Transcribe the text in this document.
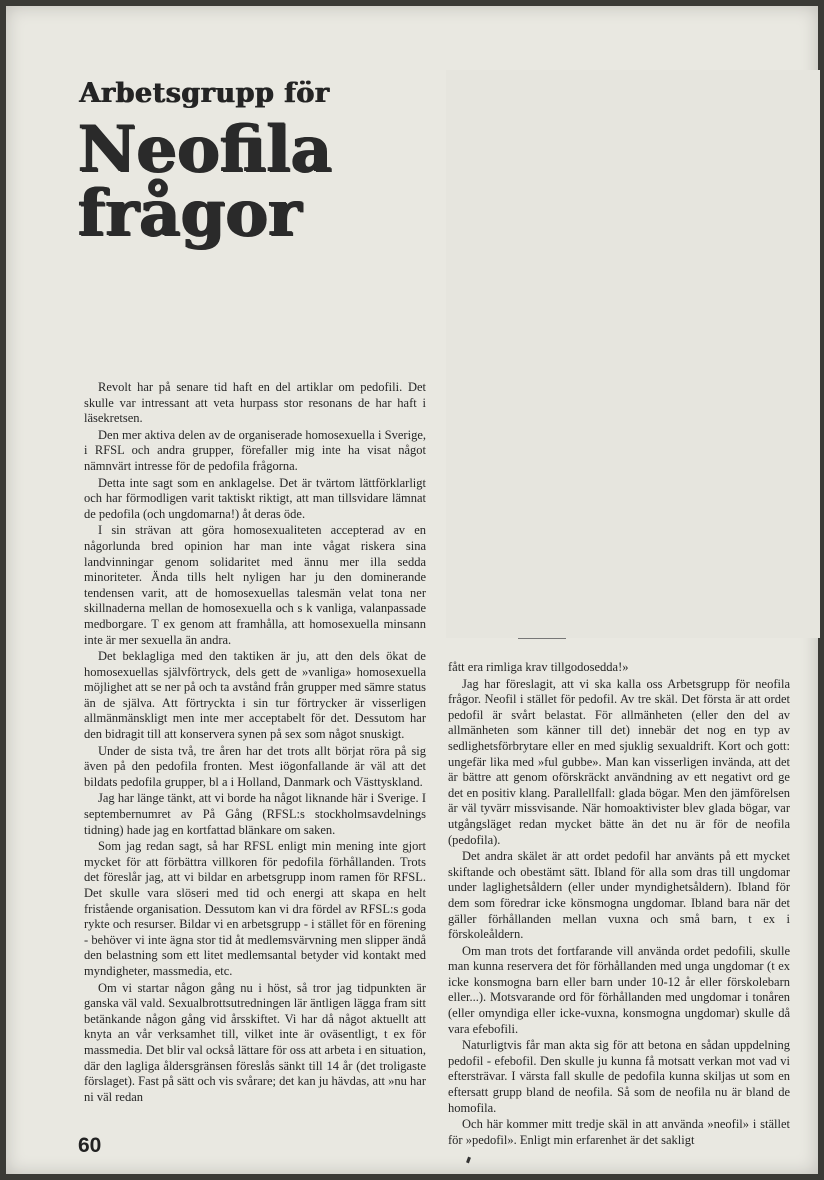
Arbetsgrupp för
Neofila
frågor

Revolt har på senare tid haft en del artiklar om pedofili. Det skulle var intressant att veta hurpass stor resonans de har haft i läsekretsen.

Den mer aktiva delen av de organiserade homosexuella i Sverige, i RFSL och andra grupper, förefaller mig inte ha visat något nämnvärt intresse för de pedofila frågorna.

Detta inte sagt som en anklagelse. Det är tvärtom lättförklarligt och har förmodligen varit taktiskt riktigt, att man tillsvidare lämnat de pedofila (och ungdomarna!) åt deras öde.

I sin strävan att göra homosexualiteten accepterad av en någorlunda bred opinion har man inte vågat riskera sina landvinningar genom solidaritet med ännu mer illa sedda minoriteter. Ända tills helt nyligen har ju den dominerande tendensen varit, att de homosexuellas talesmän velat tona ner skillnaderna mellan de homosexuella och s k vanliga, valanpassade medborgare. T ex genom att framhålla, att homosexuella minsann inte är mer sexuella än andra.

Det beklagliga med den taktiken är ju, att den dels ökat de homosexuellas självförtryck, dels gett de »vanliga» homosexuella möjlighet att se ner på och ta avstånd från grupper med sämre status än de själva. Att förtryckta i sin tur förtrycker är visserligen allmänmänskligt men inte mer acceptabelt för det. Dessutom har den bidragit till att konservera synen på sex som något snuskigt.

Under de sista två, tre åren har det trots allt börjat röra på sig även på den pedofila fronten. Mest iögonfallande är väl att det bildats pedofila grupper, bl a i Holland, Danmark och Västtyskland.

Jag har länge tänkt, att vi borde ha något liknande här i Sverige. I septembernumret av På Gång (RFSL:s stockholmsavdelnings tidning) hade jag en kortfattad blänkare om saken.

Som jag redan sagt, så har RFSL enligt min mening inte gjort mycket för att förbättra villkoren för pedofila förhållanden. Trots det föreslår jag, att vi bildar en arbetsgrupp inom ramen för RFSL. Det skulle vara slöseri med tid och energi att skapa en helt fristående organisation. Dessutom kan vi dra fördel av RFSL:s goda rykte och resurser. Bildar vi en arbetsgrupp - i stället för en förening - behöver vi inte ägna stor tid åt medlemsvärvning men slipper ändå den belastning som ett litet medlemsantal betyder vid kontakt med myndigheter, massmedia, etc.

Om vi startar någon gång nu i höst, så tror jag tidpunkten är ganska väl vald. Sexualbrottsutredningen lär äntligen lägga fram sitt betänkande någon gång vid årsskiftet. Vi har då något aktuellt att knyta an vår verksamhet till, vilket inte är oväsentligt, t ex för massmedia. Det blir val också lättare för oss att arbeta i en situation, där den lagliga åldersgränsen föreslås sänkt till 14 år (det troligaste förslaget). Fast på sätt och vis svårare; det kan ju hävdas, att »nu har ni väl redan

fått era rimliga krav tillgodosedda!»

Jag har föreslagit, att vi ska kalla oss Arbetsgrupp för neofila frågor. Neofil i stället för pedofil. Av tre skäl. Det första är att ordet pedofil är svårt belastat. För allmänheten (eller den del av allmänheten som känner till det) innebär det nog en typ av sedlighetsförbrytare eller en med sjuklig sexualdrift. Kort och gott: ungefär lika med »ful gubbe». Man kan visserligen invända, att det är bättre att genom oförskräckt användning av ett negativt ord ge det en positiv klang. Parallellfall: glada bögar. Men den jämförelsen är väl tyvärr missvisande. När homoaktivister blev glada bögar, var utgångsläget redan mycket bätte än det nu är för de neofila (pedofila).

Det andra skälet är att ordet pedofil har använts på ett mycket skiftande och obestämt sätt. Ibland för alla som dras till ungdomar under laglighetsåldern (eller under myndighetsåldern). Ibland för dem som föredrar icke könsmogna ungdomar. Ibland bara när det gäller förhållanden mellan vuxna och små barn, t ex i förskoleåldern.

Om man trots det fortfarande vill använda ordet pedofili, skulle man kunna reservera det för förhållanden med unga ungdomar (t ex icke konsmogna barn eller barn under 10-12 år eller förskolebarn eller...). Motsvarande ord för förhållanden med ungdomar i tonåren (eller omyndiga eller icke-vuxna, konsmogna ungdomar) skulle då vara efebofili.

Naturligtvis får man akta sig för att betona en sådan uppdelning pedofil - efebofil. Den skulle ju kunna få motsatt verkan mot vad vi eftersträvar. I värsta fall skulle de pedofila kunna skiljas ut som en eftersatt grupp bland de neofila. Så som de neofila nu är bland de homofila.

Och här kommer mitt tredje skäl in att använda »neofil» i stället för »pedofil». Enligt min erfarenhet är det sakligt

60
